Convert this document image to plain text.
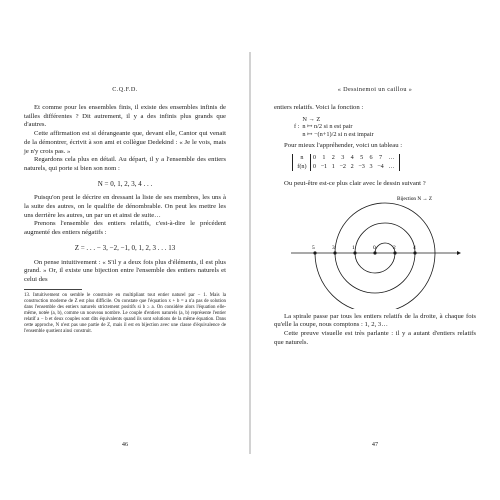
C.Q.F.D.

Et comme pour les ensembles finis, il existe des ensembles infinis de tailles différentes ? Dit autrement, il y a des infinis plus grands que d'autres.

Cette affirmation est si dérangeante que, devant elle, Cantor qui venait de la démontrer, écrivit à son ami et collègue Dedekind : « Je le vois, mais je n'y crois pas. »

Regardons cela plus en détail. Au départ, il y a l'ensemble des entiers naturels, qui porte si bien son nom :

N = 0, 1, 2, 3, 4 . . .

Puisqu'on peut le décrire en dressant la liste de ses membres, les uns à la suite des autres, on le qualifie de dénombrable. On peut les mettre les uns derrière les autres, un par un et ainsi de suite…

Prenons l'ensemble des entiers relatifs, c'est-à-dire le précédent augmenté des entiers négatifs :

Z = . . . − 3, −2, −1, 0, 1, 2, 3 . . . 13

On pense intuitivement : « S'il y a deux fois plus d'éléments, il est plus grand. » Or, il existe une bijection entre l'ensemble des entiers naturels et celui des

13. Intuitivement on semble le construire en multipliant tout entier naturel par − 1. Mais la construction moderne de Z est plus difficile. On constate que l'équation x + b = a n'a pas de solution dans l'ensemble des entiers naturels strictement positifs si b ≥ a. On considère alors l'équation elle-même, notée (a, b), comme un nouveau nombre. Le couple d'entiers naturels (a, b) représente l'entier relatif a − b et deux couples sont dits équivalents quand ils sont solutions de la même équation. Dans cette approche, N n'est pas une partie de Z, mais il est en bijection avec une classe d'équivalence de l'ensemble quotient ainsi construit.

46
« Dessinemoi un caillou »

entiers relatifs. Voici la fonction :

f :
N → Z
n ↦ n/2 si n est pair
n ↦ −(n+1)/2 si n est impair

Pour mieux l'appréhender, voici un tableau :

n	0	1	2	3	4	5	6	7	…
f(n)	0	−1	1	−2	2	−3	3	−4	…

Ou peut-être est-ce plus clair avec le dessin suivant ?

Bijection N → Z
5	3	1	0	2	4

La spirale passe par tous les entiers relatifs de la droite, à chaque fois qu'elle la coupe, nous comptons : 1, 2, 3…

Cette preuve visuelle est très parlante : il y a autant d'entiers relatifs que naturels.

47
